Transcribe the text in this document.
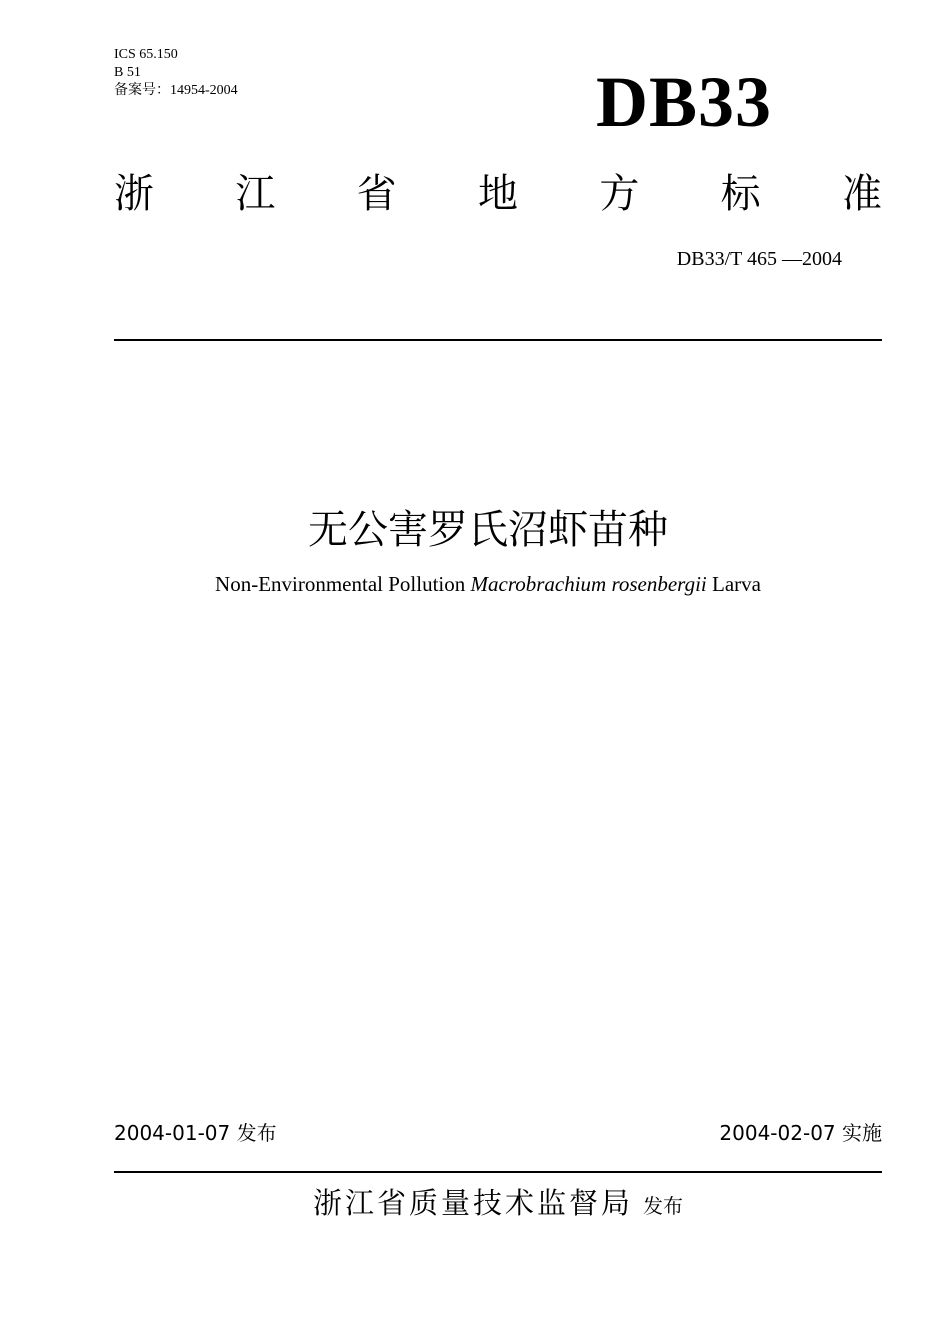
ICS 65.150
B 51
备案号：14954-2004	DB33
浙 江 省 地 方 标 准
DB33/T 465 —2004
无公害罗氏沼虾苗种
Non-Environmental Pollution Macrobrachium rosenbergii Larva
2004-01-07 发布	2004-02-07 实施
浙江省质量技术监督局 发布
